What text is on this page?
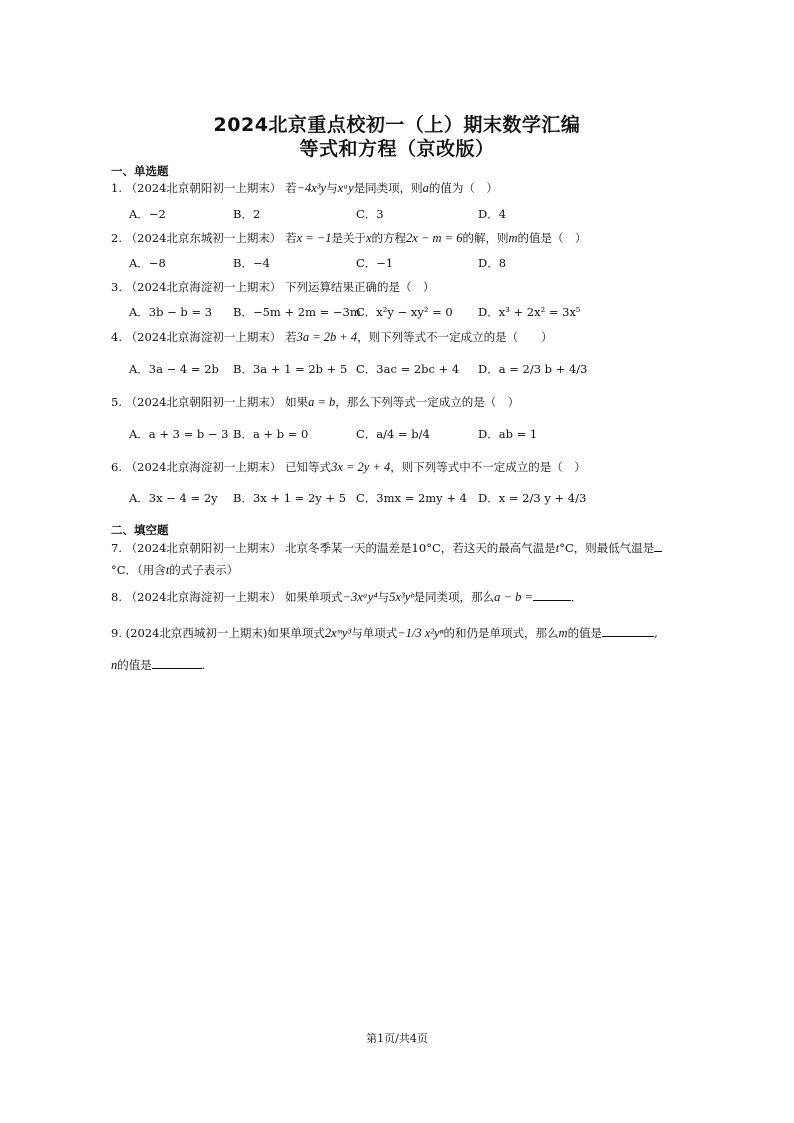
2024北京重点校初一（上）期末数学汇编
等式和方程（京改版）
一、单选题
1. （2024北京朝阳初一上期末） 若−4x³y与xᵃy是同类项，则a的值为（　）
A．−2	B．2	C．3	D．4
2. （2024北京东城初一上期末） 若x = −1是关于x的方程2x − m = 6的解，则m的值是（　）
A．−8	B．−4	C．−1	D．8
3. （2024北京海淀初一上期末） 下列运算结果正确的是（　）
A．3b − b = 3 B．−5m + 2m = −3m
C．x²y − xy² = 0 D．x³ + 2x² = 3x⁵
4. （2024北京海淀初一上期末） 若3a = 2b + 4，则下列等式不一定成立的是（　　）
A．3a − 4 = 2b B．3a + 1 = 2b + 5 C．3ac = 2bc + 4 D．a = 2/3 b + 4/3
5. （2024北京朝阳初一上期末） 如果a = b，那么下列等式一定成立的是（　）
A．a + 3 = b − 3 B．a + b = 0	C．a/4 = b/4	D．ab = 1
6. （2024北京海淀初一上期末） 已知等式3x = 2y + 4，则下列等式中不一定成立的是（　）
A．3x − 4 = 2y B．3x + 1 = 2y + 5 C．3mx = 2my + 4 D．x = 2/3 y + 4/3
二、填空题
7. （2024北京朝阳初一上期末） 北京冬季某一天的温差是10°C，若这天的最高气温是t°C，则最低气温是
°C．（用含t的式子表示）
8. （2024北京海淀初一上期末） 如果单项式−3xᵃy⁴与5x³yᵇ是同类项，那么a − b =	．
9. (2024北京西城初一上期末)如果单项式2xᵐy³与单项式−1/3 x²yⁿ的和仍是单项式，那么m的值是	,
n的值是	.
第1页/共4页
